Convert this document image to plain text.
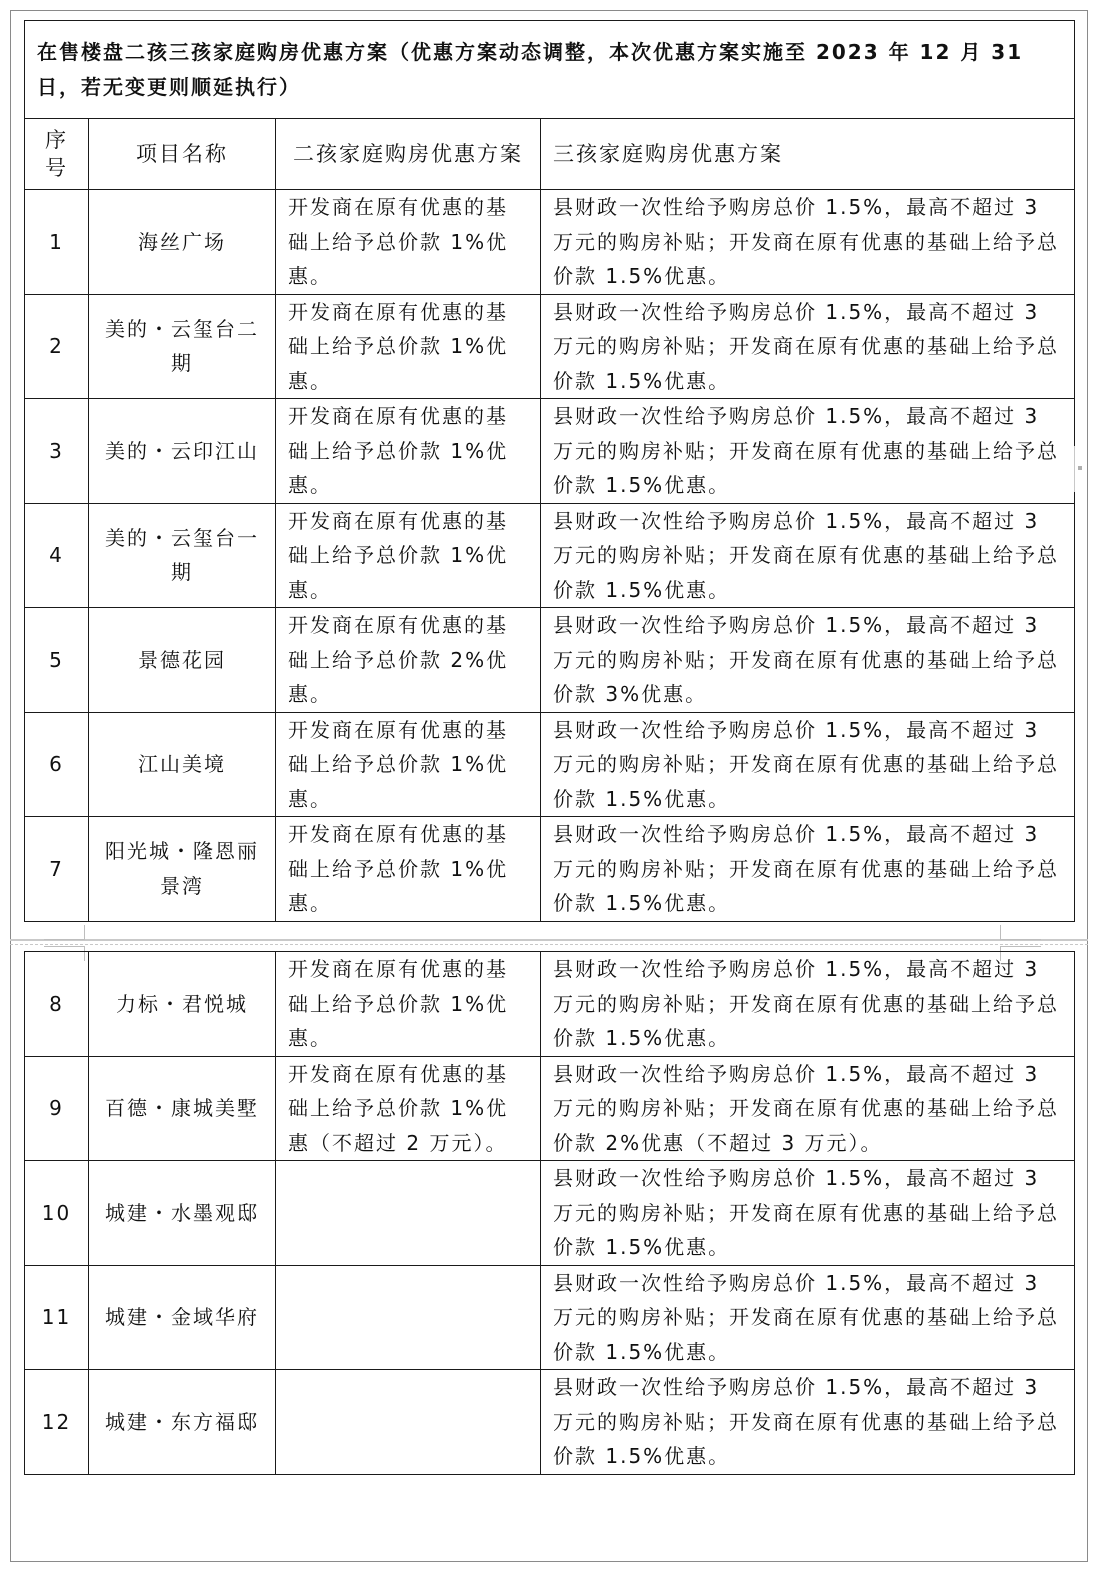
在售楼盘二孩三孩家庭购房优惠方案（优惠方案动态调整，本次优惠方案实施至 2023 年 12 月 31 日，若无变更则顺延执行）			
序号	项目名称	二孩家庭购房优惠方案	三孩家庭购房优惠方案
1	海丝广场	开发商在原有优惠的基础上给予总价款 1%优惠。	县财政一次性给予购房总价 1.5%，最高不超过 3 万元的购房补贴；开发商在原有优惠的基础上给予总价款 1.5%优惠。
2	美的・云玺台二期	开发商在原有优惠的基础上给予总价款 1%优惠。	县财政一次性给予购房总价 1.5%，最高不超过 3 万元的购房补贴；开发商在原有优惠的基础上给予总价款 1.5%优惠。
3	美的・云印江山	开发商在原有优惠的基础上给予总价款 1%优惠。	县财政一次性给予购房总价 1.5%，最高不超过 3 万元的购房补贴；开发商在原有优惠的基础上给予总价款 1.5%优惠。
4	美的・云玺台一期	开发商在原有优惠的基础上给予总价款 1%优惠。	县财政一次性给予购房总价 1.5%，最高不超过 3 万元的购房补贴；开发商在原有优惠的基础上给予总价款 1.5%优惠。
5	景德花园	开发商在原有优惠的基础上给予总价款 2%优惠。	县财政一次性给予购房总价 1.5%，最高不超过 3 万元的购房补贴；开发商在原有优惠的基础上给予总价款 3%优惠。
6	江山美境	开发商在原有优惠的基础上给予总价款 1%优惠。	县财政一次性给予购房总价 1.5%，最高不超过 3 万元的购房补贴；开发商在原有优惠的基础上给予总价款 1.5%优惠。
7	阳光城・隆恩丽景湾	开发商在原有优惠的基础上给予总价款 1%优惠。	县财政一次性给予购房总价 1.5%，最高不超过 3 万元的购房补贴；开发商在原有优惠的基础上给予总价款 1.5%优惠。
8	力标・君悦城	开发商在原有优惠的基础上给予总价款 1%优惠。	县财政一次性给予购房总价 1.5%，最高不超过 3 万元的购房补贴；开发商在原有优惠的基础上给予总价款 1.5%优惠。
9	百德・康城美墅	开发商在原有优惠的基础上给予总价款 1%优惠（不超过 2 万元）。	县财政一次性给予购房总价 1.5%，最高不超过 3 万元的购房补贴；开发商在原有优惠的基础上给予总价款 2%优惠（不超过 3 万元）。
10	城建・水墨观邸		县财政一次性给予购房总价 1.5%，最高不超过 3 万元的购房补贴；开发商在原有优惠的基础上给予总价款 1.5%优惠。
11	城建・金域华府		县财政一次性给予购房总价 1.5%，最高不超过 3 万元的购房补贴；开发商在原有优惠的基础上给予总价款 1.5%优惠。
12	城建・东方福邸		县财政一次性给予购房总价 1.5%，最高不超过 3 万元的购房补贴；开发商在原有优惠的基础上给予总价款 1.5%优惠。
